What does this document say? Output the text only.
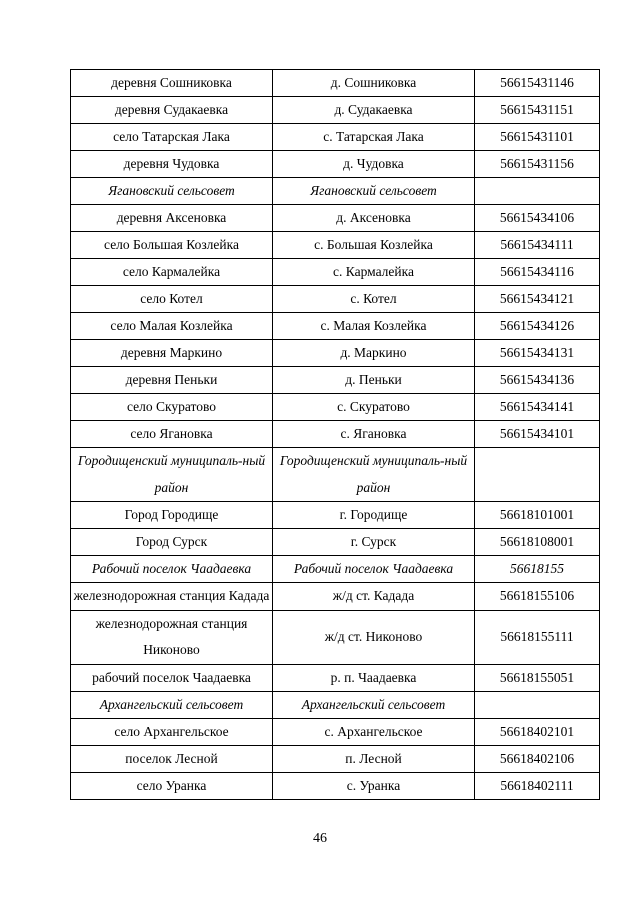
деревня Сошниковка	д. Сошниковка	56615431146
деревня Судакаевка	д. Судакаевка	56615431151
село Татарская Лака	с. Татарская Лака	56615431101
деревня Чудовка	д. Чудовка	56615431156
Ягановский сельсовет	Ягановский сельсовет	
деревня Аксеновка	д. Аксеновка	56615434106
село Большая Козлейка	с. Большая Козлейка	56615434111
село Кармалейка	с. Кармалейка	56615434116
село Котел	с. Котел	56615434121
село Малая Козлейка	с. Малая Козлейка	56615434126
деревня Маркино	д. Маркино	56615434131
деревня Пеньки	д. Пеньки	56615434136
село Скуратово	с. Скуратово	56615434141
село Ягановка	с. Ягановка	56615434101
Городищенский муниципаль-ный район	Городищенский муниципаль-ный район	
Город Городище	г. Городище	56618101001
Город Сурск	г. Сурск	56618108001
Рабочий поселок Чаадаевка	Рабочий поселок Чаадаевка	56618155
железнодорожная станция Кадада	ж/д ст. Кадада	56618155106
железнодорожная станция Никоново	ж/д ст. Никоново	56618155111
рабочий поселок Чаадаевка	р. п. Чаадаевка	56618155051
Архангельский сельсовет	Архангельский сельсовет	
село Архангельское	с. Архангельское	56618402101
поселок Лесной	п. Лесной	56618402106
село Уранка	с. Уранка	56618402111
46
